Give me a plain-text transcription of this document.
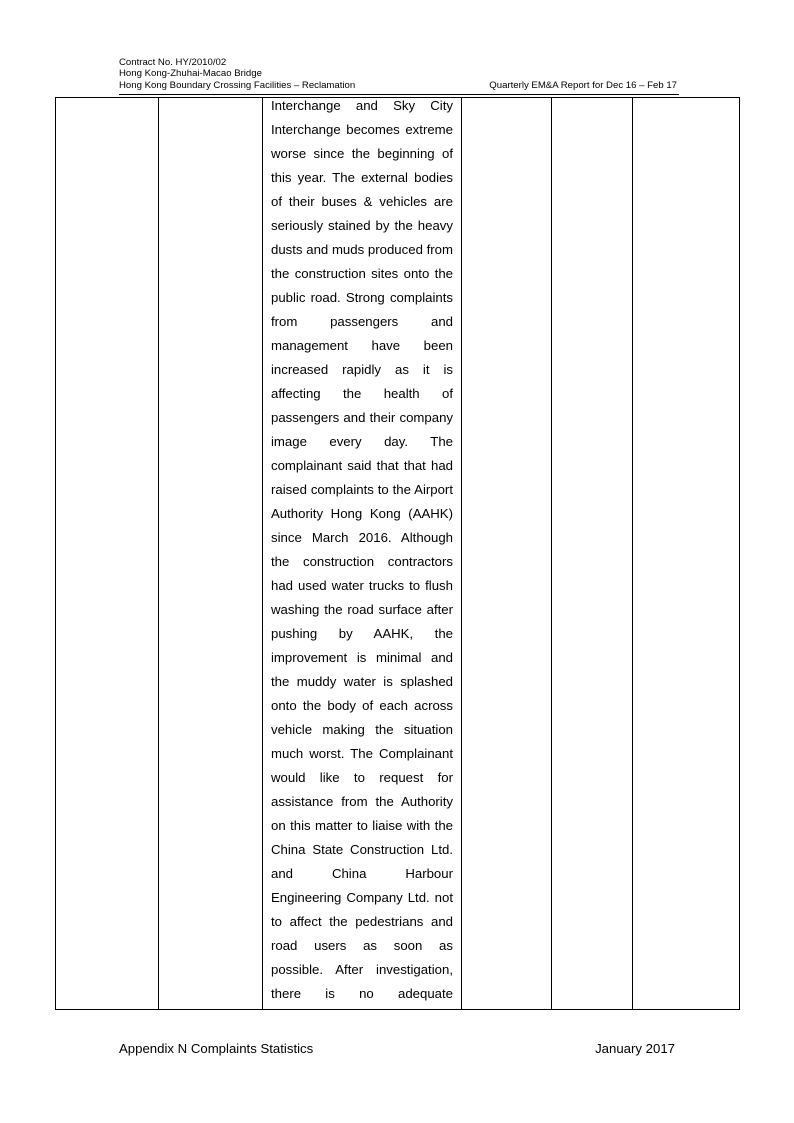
Contract No. HY/2010/02
Hong Kong-Zhuhai-Macao Bridge
Hong Kong Boundary Crossing Facilities – Reclamation	Quarterly EM&A Report for Dec 16 – Feb 17

Interchange and Sky City
Interchange becomes extreme
worse since the beginning of
this year. The external bodies
of their buses & vehicles are
seriously stained by the heavy
dusts and muds produced from
the construction sites onto the
public road. Strong complaints
from passengers and
management have been
increased rapidly as it is
affecting the health of
passengers and their company
image every day. The
complainant said that that had
raised complaints to the Airport
Authority Hong Kong (AAHK)
since March 2016. Although
the construction contractors
had used water trucks to flush
washing the road surface after
pushing by AAHK, the
improvement is minimal and
the muddy water is splashed
onto the body of each across
vehicle making the situation
much worst. The Complainant
would like to request for
assistance from the Authority
on this matter to liaise with the
China State Construction Ltd.
and China Harbour
Engineering Company Ltd. not
to affect the pedestrians and
road users as soon as
possible. After investigation,
there is no adequate

Appendix N Complaints Statistics	January 2017
